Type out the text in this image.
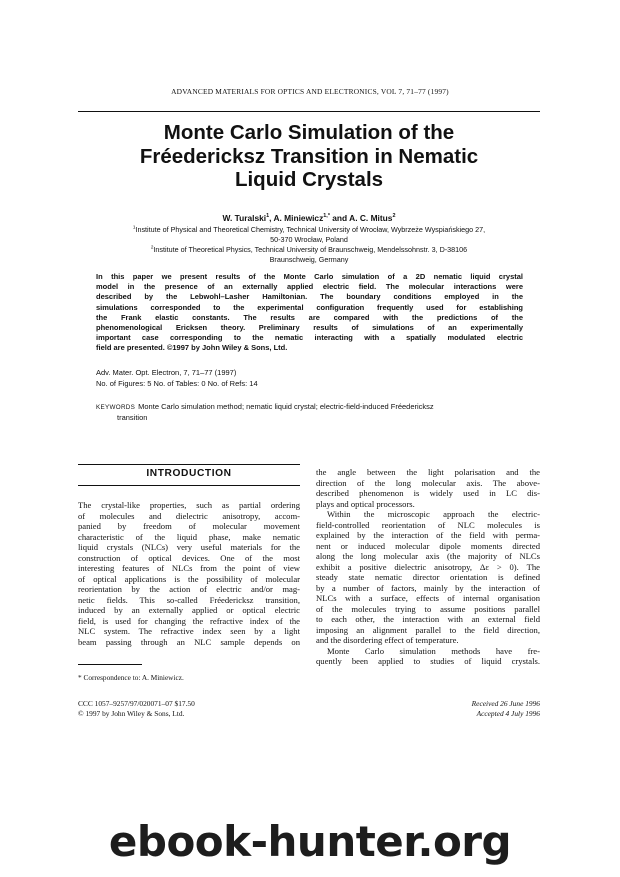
ADVANCED MATERIALS FOR OPTICS AND ELECTRONICS, VOL 7, 71–77 (1997)
Monte Carlo Simulation of the
Fréedericksz Transition in Nematic
Liquid Crystals
W. Turalski$^1$, A. Miniewicz$^{1,*}$ and A. C. Mitus$^2$
$^1$Institute of Physical and Theoretical Chemistry, Technical University of Wrocław, Wybrzeże Wyspiańskiego 27,
50-370 Wrocław, Poland
$^2$Institute of Theoretical Physics, Technical University of Braunschweig, Mendelssohnstr. 3, D-38106
Braunschweig, Germany
In this paper we present results of the Monte Carlo simulation of a 2D nematic liquid crystal
model in the presence of an externally applied electric field. The molecular interactions were
described by the Lebwohl–Lasher Hamiltonian. The boundary conditions employed in the
simulations corresponded to the experimental configuration frequently used for establishing
the Frank elastic constants. The results are compared with the predictions of the
phenomenological Ericksen theory. Preliminary results of simulations of an experimentally
important case corresponding to the nematic interacting with a spatially modulated electric
field are presented. ©1997 by John Wiley & Sons, Ltd.
Adv. Mater. Opt. Electron, 7, 71–77 (1997)
No. of Figures: 5 No. of Tables: 0 No. of Refs: 14
KEYWORDS Monte Carlo simulation method; nematic liquid crystal; electric-field-induced Fréedericksz
transition
INTRODUCTION
The crystal-like properties, such as partial ordering
of molecules and dielectric anisotropy, accom-
panied by freedom of molecular movement
characteristic of the liquid phase, make nematic
liquid crystals (NLCs) very useful materials for the
construction of optical devices. One of the most
interesting features of NLCs from the point of view
of optical applications is the possibility of molecular
reorientation by the action of electric and/or mag-
netic fields. This so-called Fréedericksz transition,
induced by an externally applied or optical electric
field, is used for changing the refractive index of the
NLC system. The refractive index seen by a light
beam passing through an NLC sample depends on
the angle between the light polarisation and the
direction of the long molecular axis. The above-
described phenomenon is widely used in LC dis-
plays and optical processors.
Within the microscopic approach the electric-
field-controlled reorientation of NLC molecules is
explained by the interaction of the field with perma-
nent or induced molecular dipole moments directed
along the long molecular axis (the majority of NLCs
exhibit a positive dielectric anisotropy, Δε > 0). The
steady state nematic director orientation is defined
by a number of factors, mainly by the interaction of
NLCs with a surface, effects of internal organisation
of the molecules trying to assume positions parallel
to each other, the interaction with an external field
imposing an alignment parallel to the field direction,
and the disordering effect of temperature.
Monte Carlo simulation methods have fre-
quently been applied to studies of liquid crystals.
* Correspondence to: A. Miniewicz.
CCC 1057–9257/97/020071–07 $17.50
© 1997 by John Wiley & Sons, Ltd.
Received 26 June 1996
Accepted 4 July 1996
ebook-hunter.org
